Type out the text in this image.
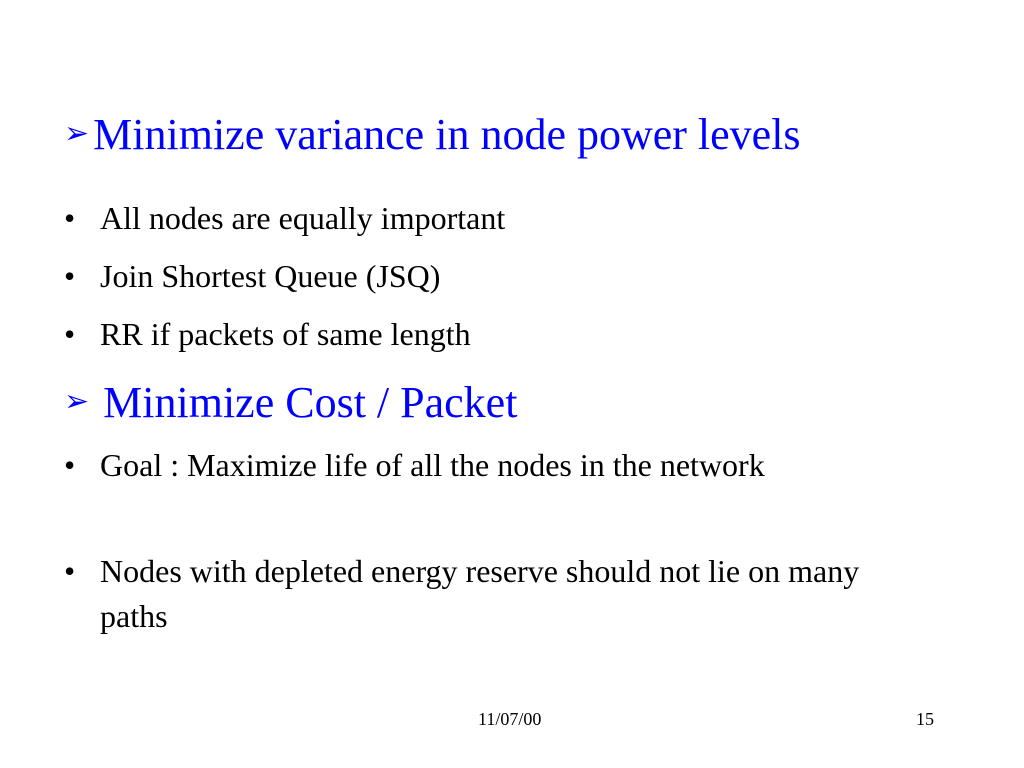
➢Minimize variance in node power levels
• All nodes are equally important
• Join Shortest Queue (JSQ)
• RR if packets of same length
➢ Minimize Cost / Packet
• Goal : Maximize life of all the nodes in the network
• Nodes with depleted energy reserve should not lie on many paths
11/07/00	15
